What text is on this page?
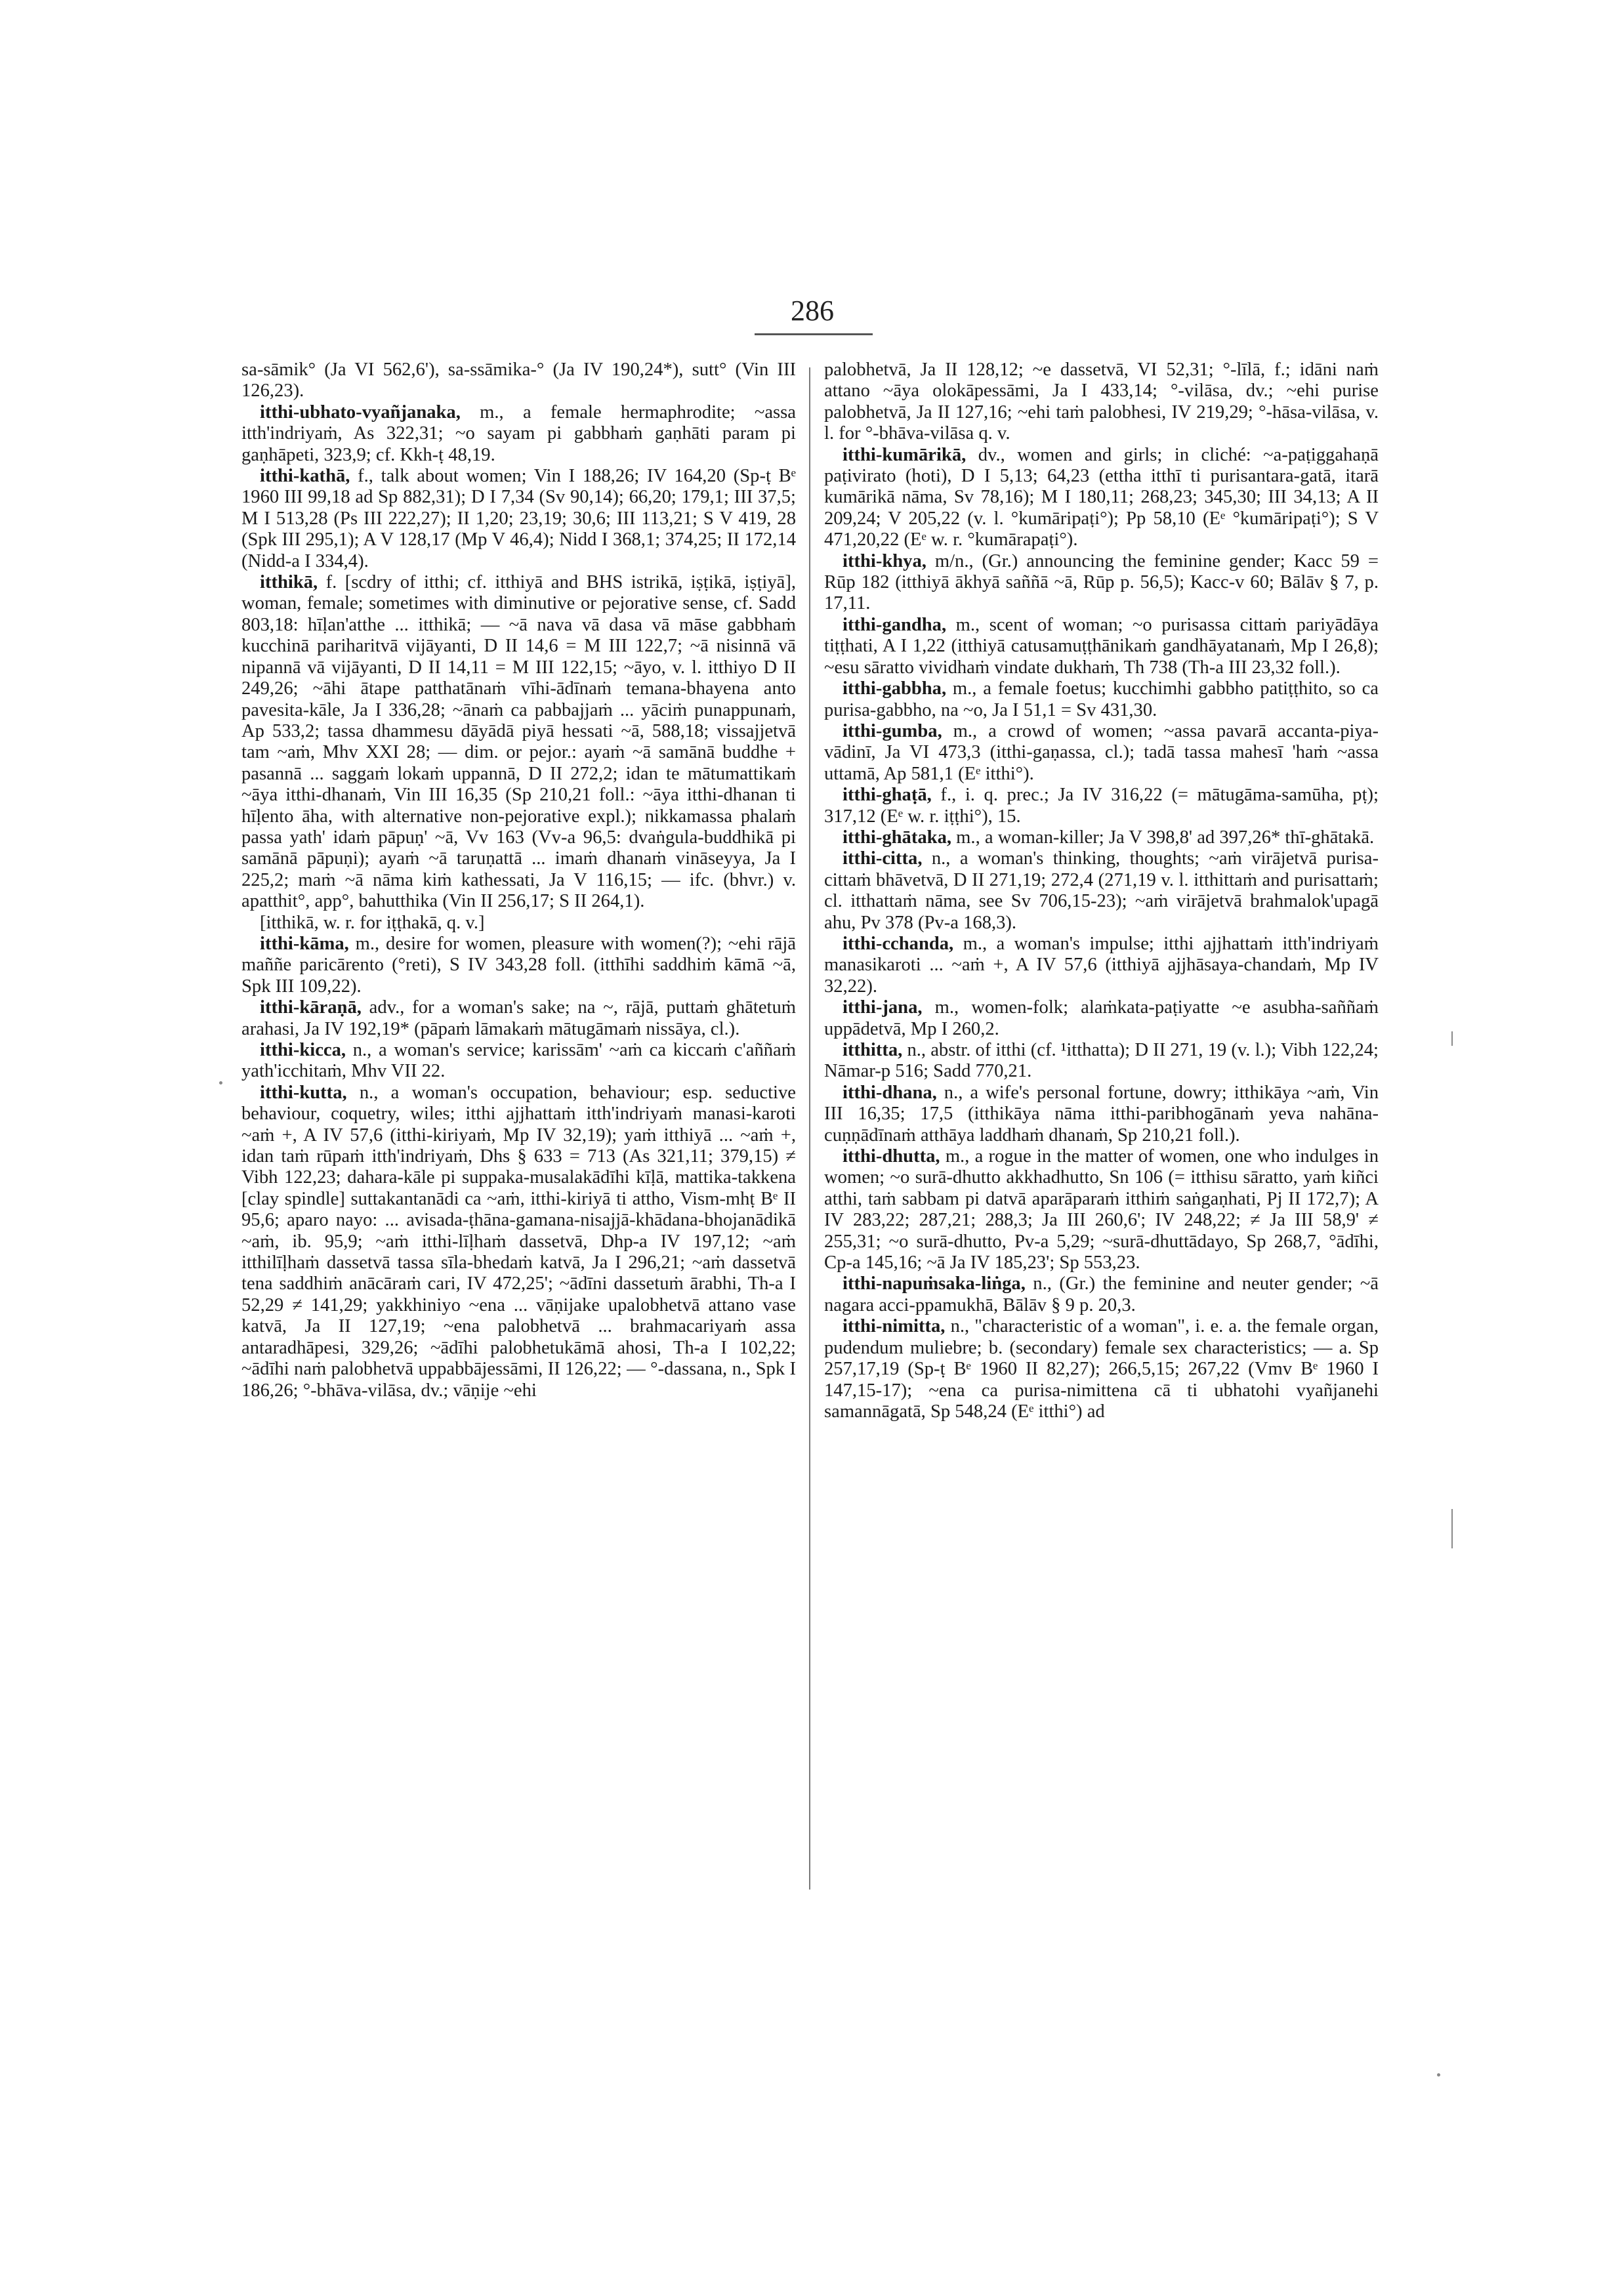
286

sa-sāmik° (Ja VI 562,6'), sa-ssāmika-° (Ja IV 190,24*), sutt° (Vin III 126,23).

itthi-ubhato-vyañjanaka, m., a female hermaphrodite; ~assa itth'indriyaṁ, As 322,31; ~o sayam pi gabbhaṁ gaṇhāti param pi gaṇhāpeti, 323,9; cf. Kkh-ṭ 48,19.

itthi-kathā, f., talk about women; Vin I 188,26; IV 164,20 (Sp-ṭ Bᵉ 1960 III 99,18 ad Sp 882,31); D I 7,34 (Sv 90,14); 66,20; 179,1; III 37,5; M I 513,28 (Ps III 222,27); II 1,20; 23,19; 30,6; III 113,21; S V 419, 28 (Spk III 295,1); A V 128,17 (Mp V 46,4); Nidd I 368,1; 374,25; II 172,14 (Nidd-a I 334,4).

itthikā, f. [scdry of itthi; cf. itthiyā and BHS istrikā, iṣṭikā, iṣṭiyā], woman, female; sometimes with diminutive or pejorative sense, cf. Sadd 803,18: hīḷan'atthe ... itthikā; — ~ā nava vā dasa vā māse gabbhaṁ kucchinā pariharitvā vijāyanti, D II 14,6 = M III 122,7; ~ā nisinnā vā nipannā vā vijāyanti, D II 14,11 = M III 122,15; ~āyo, v. l. itthiyo D II 249,26; ~āhi ātape patthatānaṁ vīhi-ādīnaṁ temana-bhayena anto pavesita-kāle, Ja I 336,28; ~ānaṁ ca pabbajjaṁ ... yāciṁ punappunaṁ, Ap 533,2; tassa dhammesu dāyādā piyā hessati ~ā, 588,18; vissajjetvā tam ~aṁ, Mhv XXI 28; — dim. or pejor.: ayaṁ ~ā samānā buddhe + pasannā ... saggaṁ lokaṁ uppannā, D II 272,2; idan te mātumattikaṁ ~āya itthi-dhanaṁ, Vin III 16,35 (Sp 210,21 foll.: ~āya itthi-dhanan ti hīḷento āha, with alternative non-pejorative expl.); nikkamassa phalaṁ passa yath' idaṁ pāpuṇ' ~ā, Vv 163 (Vv-a 96,5: dvaṅgula-buddhikā pi samānā pāpuṇi); ayaṁ ~ā taruṇattā ... imaṁ dhanaṁ vināseyya, Ja I 225,2; maṁ ~ā nāma kiṁ kathessati, Ja V 116,15; — ifc. (bhvr.) v. apatthit°, app°, bahutthika (Vin II 256,17; S II 264,1).

[itthikā, w. r. for iṭṭhakā, q. v.]

itthi-kāma, m., desire for women, pleasure with women(?); ~ehi rājā maññe paricārento (°reti), S IV 343,28 foll. (itthīhi saddhiṁ kāmā ~ā, Spk III 109,22).

itthi-kāraṇā, adv., for a woman's sake; na ~, rājā, puttaṁ ghātetuṁ arahasi, Ja IV 192,19* (pāpaṁ lāmakaṁ mātugāmaṁ nissāya, cl.).

itthi-kicca, n., a woman's service; karissām' ~aṁ ca kiccaṁ c'aññaṁ yath'icchitaṁ, Mhv VII 22.

itthi-kutta, n., a woman's occupation, behaviour; esp. seductive behaviour, coquetry, wiles; itthi ajjhattaṁ itth'indriyaṁ manasi-karoti ~aṁ +, A IV 57,6 (itthi-kiriyaṁ, Mp IV 32,19); yaṁ itthiyā ... ~aṁ +, idan taṁ rūpaṁ itth'indriyaṁ, Dhs § 633 = 713 (As 321,11; 379,15) ≠ Vibh 122,23; dahara-kāle pi suppaka-musalakādīhi kīḷā, mattika-takkena [clay spindle] suttakantanādi ca ~aṁ, itthi-kiriyā ti attho, Vism-mhṭ Bᵉ II 95,6; aparo nayo: ... avisada-ṭhāna-gamana-nisajjā-khādana-bhojanādikā ~aṁ, ib. 95,9; ~aṁ itthi-līḷhaṁ dassetvā, Dhp-a IV 197,12; ~aṁ itthilīḷhaṁ dassetvā tassa sīla-bhedaṁ katvā, Ja I 296,21; ~aṁ dassetvā tena saddhiṁ anācāraṁ cari, IV 472,25'; ~ādīni dassetuṁ ārabhi, Th-a I 52,29 ≠ 141,29; yakkhiniyo ~ena ... vāṇijake upalobhetvā attano vase katvā, Ja II 127,19; ~ena palobhetvā ... brahmacariyaṁ assa antaradhāpesi, 329,26; ~ādīhi palobhetukāmā ahosi, Th-a I 102,22; ~ādīhi naṁ palobhetvā uppabbājessāmi, II 126,22; — °-dassana, n., Spk I 186,26; °-bhāva-vilāsa, dv.; vāṇije ~ehi

palobhetvā, Ja II 128,12; ~e dassetvā, VI 52,31; °-līlā, f.; idāni naṁ attano ~āya olokāpessāmi, Ja I 433,14; °-vilāsa, dv.; ~ehi purise palobhetvā, Ja II 127,16; ~ehi taṁ palobhesi, IV 219,29; °-hāsa-vilāsa, v. l. for °-bhāva-vilāsa q. v.

itthi-kumārikā, dv., women and girls; in cliché: ~a-paṭiggahaṇā paṭivirato (hoti), D I 5,13; 64,23 (ettha itthī ti purisantara-gatā, itarā kumārikā nāma, Sv 78,16); M I 180,11; 268,23; 345,30; III 34,13; A II 209,24; V 205,22 (v. l. °kumāripaṭi°); Pp 58,10 (Eᵉ °kumāripaṭi°); S V 471,20,22 (Eᵉ w. r. °kumārapaṭi°).

itthi-khya, m/n., (Gr.) announcing the feminine gender; Kacc 59 = Rūp 182 (itthiyā ākhyā saññā ~ā, Rūp p. 56,5); Kacc-v 60; Bālāv § 7, p. 17,11.

itthi-gandha, m., scent of woman; ~o purisassa cittaṁ pariyādāya tiṭṭhati, A I 1,22 (itthiyā catusamuṭṭhānikaṁ gandhāyatanaṁ, Mp I 26,8); ~esu sāratto vividhaṁ vindate dukhaṁ, Th 738 (Th-a III 23,32 foll.).

itthi-gabbha, m., a female foetus; kucchimhi gabbho patiṭṭhito, so ca purisa-gabbho, na ~o, Ja I 51,1 = Sv 431,30.

itthi-gumba, m., a crowd of women; ~assa pavarā accanta-piya-vādinī, Ja VI 473,3 (itthi-gaṇassa, cl.); tadā tassa mahesī 'haṁ ~assa uttamā, Ap 581,1 (Eᵉ itthi°).

itthi-ghaṭā, f., i. q. prec.; Ja IV 316,22 (= mātugāma-samūha, pṭ); 317,12 (Eᵉ w. r. iṭṭhi°), 15.

itthi-ghātaka, m., a woman-killer; Ja V 398,8' ad 397,26* thī-ghātakā.

itthi-citta, n., a woman's thinking, thoughts; ~aṁ virājetvā purisa-cittaṁ bhāvetvā, D II 271,19; 272,4 (271,19 v. l. itthittaṁ and purisattaṁ; cl. itthattaṁ nāma, see Sv 706,15-23); ~aṁ virājetvā brahmalok'upagā ahu, Pv 378 (Pv-a 168,3).

itthi-cchanda, m., a woman's impulse; itthi ajjhattaṁ itth'indriyaṁ manasikaroti ... ~aṁ +, A IV 57,6 (itthiyā ajjhāsaya-chandaṁ, Mp IV 32,22).

itthi-jana, m., women-folk; alaṁkata-paṭiyatte ~e asubha-saññaṁ uppādetvā, Mp I 260,2.

itthitta, n., abstr. of itthi (cf. ¹itthatta); D II 271, 19 (v. l.); Vibh 122,24; Nāmar-p 516; Sadd 770,21.

itthi-dhana, n., a wife's personal fortune, dowry; itthikāya ~aṁ, Vin III 16,35; 17,5 (itthikāya nāma itthi-paribhogānaṁ yeva nahāna-cuṇṇādīnaṁ atthāya laddhaṁ dhanaṁ, Sp 210,21 foll.).

itthi-dhutta, m., a rogue in the matter of women, one who indulges in women; ~o surā-dhutto akkhadhutto, Sn 106 (= itthisu sāratto, yaṁ kiñci atthi, taṁ sabbam pi datvā aparāparaṁ itthiṁ saṅgaṇhati, Pj II 172,7); A IV 283,22; 287,21; 288,3; Ja III 260,6'; IV 248,22; ≠ Ja III 58,9' ≠ 255,31; ~o surā-dhutto, Pv-a 5,29; ~surā-dhuttādayo, Sp 268,7, °ādīhi, Cp-a 145,16; ~ā Ja IV 185,23'; Sp 553,23.

itthi-napuṁsaka-liṅga, n., (Gr.) the feminine and neuter gender; ~ā nagara acci-ppamukhā, Bālāv § 9 p. 20,3.

itthi-nimitta, n., "characteristic of a woman", i. e. a. the female organ, pudendum muliebre; b. (secondary) female sex characteristics; — a. Sp 257,17,19 (Sp-ṭ Bᵉ 1960 II 82,27); 266,5,15; 267,22 (Vmv Bᵉ 1960 I 147,15-17); ~ena ca purisa-nimittena cā ti ubhatohi vyañjanehi samannāgatā, Sp 548,24 (Eᵉ itthi°) ad
